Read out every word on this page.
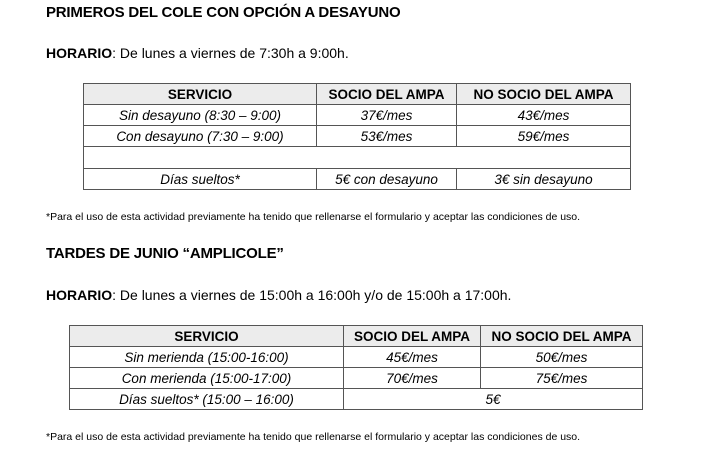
PRIMEROS DEL COLE CON OPCIÓN A DESAYUNO
HORARIO: De lunes a viernes de 7:30h a 9:00h.
SERVICIO	SOCIO DEL AMPA	NO SOCIO DEL AMPA
Sin desayuno (8:30 – 9:00)	37€/mes	43€/mes
Con desayuno (7:30 – 9:00)	53€/mes	59€/mes

Días sueltos*	5€ con desayuno	3€ sin desayuno
*Para el uso de esta actividad previamente ha tenido que rellenarse el formulario y aceptar las condiciones de uso.
TARDES DE JUNIO “AMPLICOLE”
HORARIO: De lunes a viernes de 15:00h a 16:00h y/o de 15:00h a 17:00h.
SERVICIO	SOCIO DEL AMPA	NO SOCIO DEL AMPA
Sin merienda (15:00-16:00)	45€/mes	50€/mes
Con merienda (15:00-17:00)	70€/mes	75€/mes
Días sueltos* (15:00 – 16:00)	5€	
*Para el uso de esta actividad previamente ha tenido que rellenarse el formulario y aceptar las condiciones de uso.
